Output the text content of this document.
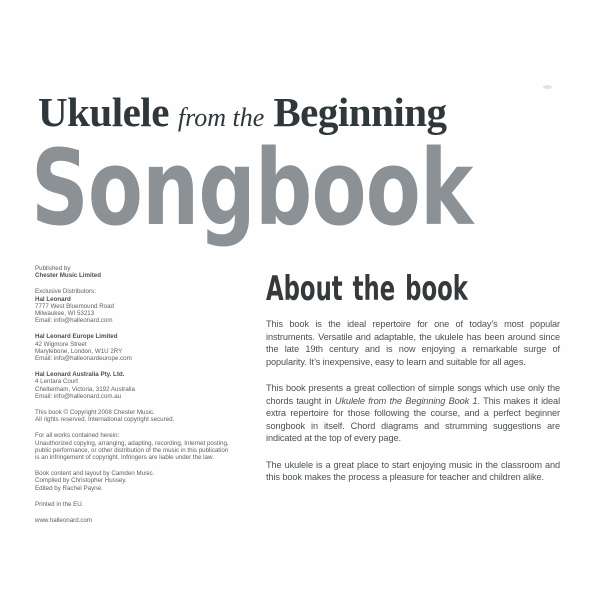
Ukulele from the Beginning
Songbook
Published by
Chester Music Limited
Exclusive Distributors:
Hal Leonard
7777 West Bluemound Road
Milwaukee, WI 53213
Email: info@halleonard.com
Hal Leonard Europe Limited
42 Wigmore Street
Marylebone, London, W1U 2RY
Email: info@halleonardeurope.com
Hal Leonard Australia Pty. Ltd.
4 Lentara Court
Cheltenham, Victoria, 3192 Australia
Email: info@halleonard.com.au
This book © Copyright 2008 Chester Music.
All rights reserved. International copyright secured.
For all works contained herein:
Unauthorized copying, arranging, adapting, recording, Internet posting,
public performance, or other distribution of the music in this publication
is an infringement of copyright. Infringers are liable under the law.
Book content and layout by Camden Music.
Compiled by Christopher Hussey.
Edited by Rachel Payne.
Printed in the EU.
www.halleonard.com
About the book

This book is the ideal repertoire for one of today’s most popular instruments. Versatile and adaptable, the ukulele has been around since the late 19th century and is now enjoying a remarkable surge of popularity. It’s inexpensive, easy to learn and suitable for all ages.

This book presents a great collection of simple songs which use only the chords taught in Ukulele from the Beginning Book 1. This makes it ideal extra repertoire for those following the course, and a perfect beginner songbook in itself. Chord diagrams and strumming suggestions are indicated at the top of every page.

The ukulele is a great place to start enjoying music in the classroom and this book makes the process a pleasure for teacher and children alike.
